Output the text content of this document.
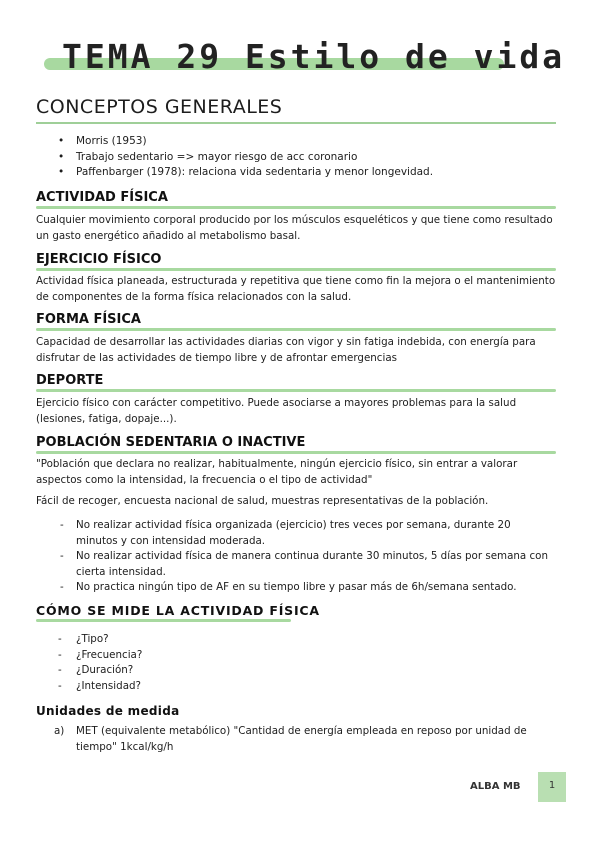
TEMA 29 Estilo de vida
CONCEPTOS GENERALES
• Morris (1953)
• Trabajo sedentario => mayor riesgo de acc coronario
• Paffenbarger (1978): relaciona vida sedentaria y menor longevidad.
ACTIVIDAD FÍSICA
Cualquier movimiento corporal producido por los músculos esqueléticos y que tiene como resultado un gasto energético añadido al metabolismo basal.
EJERCICIO FÍSICO
Actividad física planeada, estructurada y repetitiva que tiene como fin la mejora o el mantenimiento de componentes de la forma física relacionados con la salud.
FORMA FÍSICA
Capacidad de desarrollar las actividades diarias con vigor y sin fatiga indebida, con energía para disfrutar de las actividades de tiempo libre y de afrontar emergencias
DEPORTE
Ejercicio físico con carácter competitivo. Puede asociarse a mayores problemas para la salud (lesiones, fatiga, dopaje...).
POBLACIÓN SEDENTARIA O INACTIVE
"Población que declara no realizar, habitualmente, ningún ejercicio físico, sin entrar a valorar aspectos como la intensidad, la frecuencia o el tipo de actividad"
Fácil de recoger, encuesta nacional de salud, muestras representativas de la población.
- No realizar actividad física organizada (ejercicio) tres veces por semana, durante 20 minutos y con intensidad moderada.
- No realizar actividad física de manera continua durante 30 minutos, 5 días por semana con cierta intensidad.
- No practica ningún tipo de AF en su tiempo libre y pasar más de 6h/semana sentado.
CÓMO SE MIDE LA ACTIVIDAD FÍSICA
- ¿Tipo?
- ¿Frecuencia?
- ¿Duración?
- ¿Intensidad?
Unidades de medida
a) MET (equivalente metabólico) "Cantidad de energía empleada en reposo por unidad de tiempo" 1kcal/kg/h
ALBA MB	1
